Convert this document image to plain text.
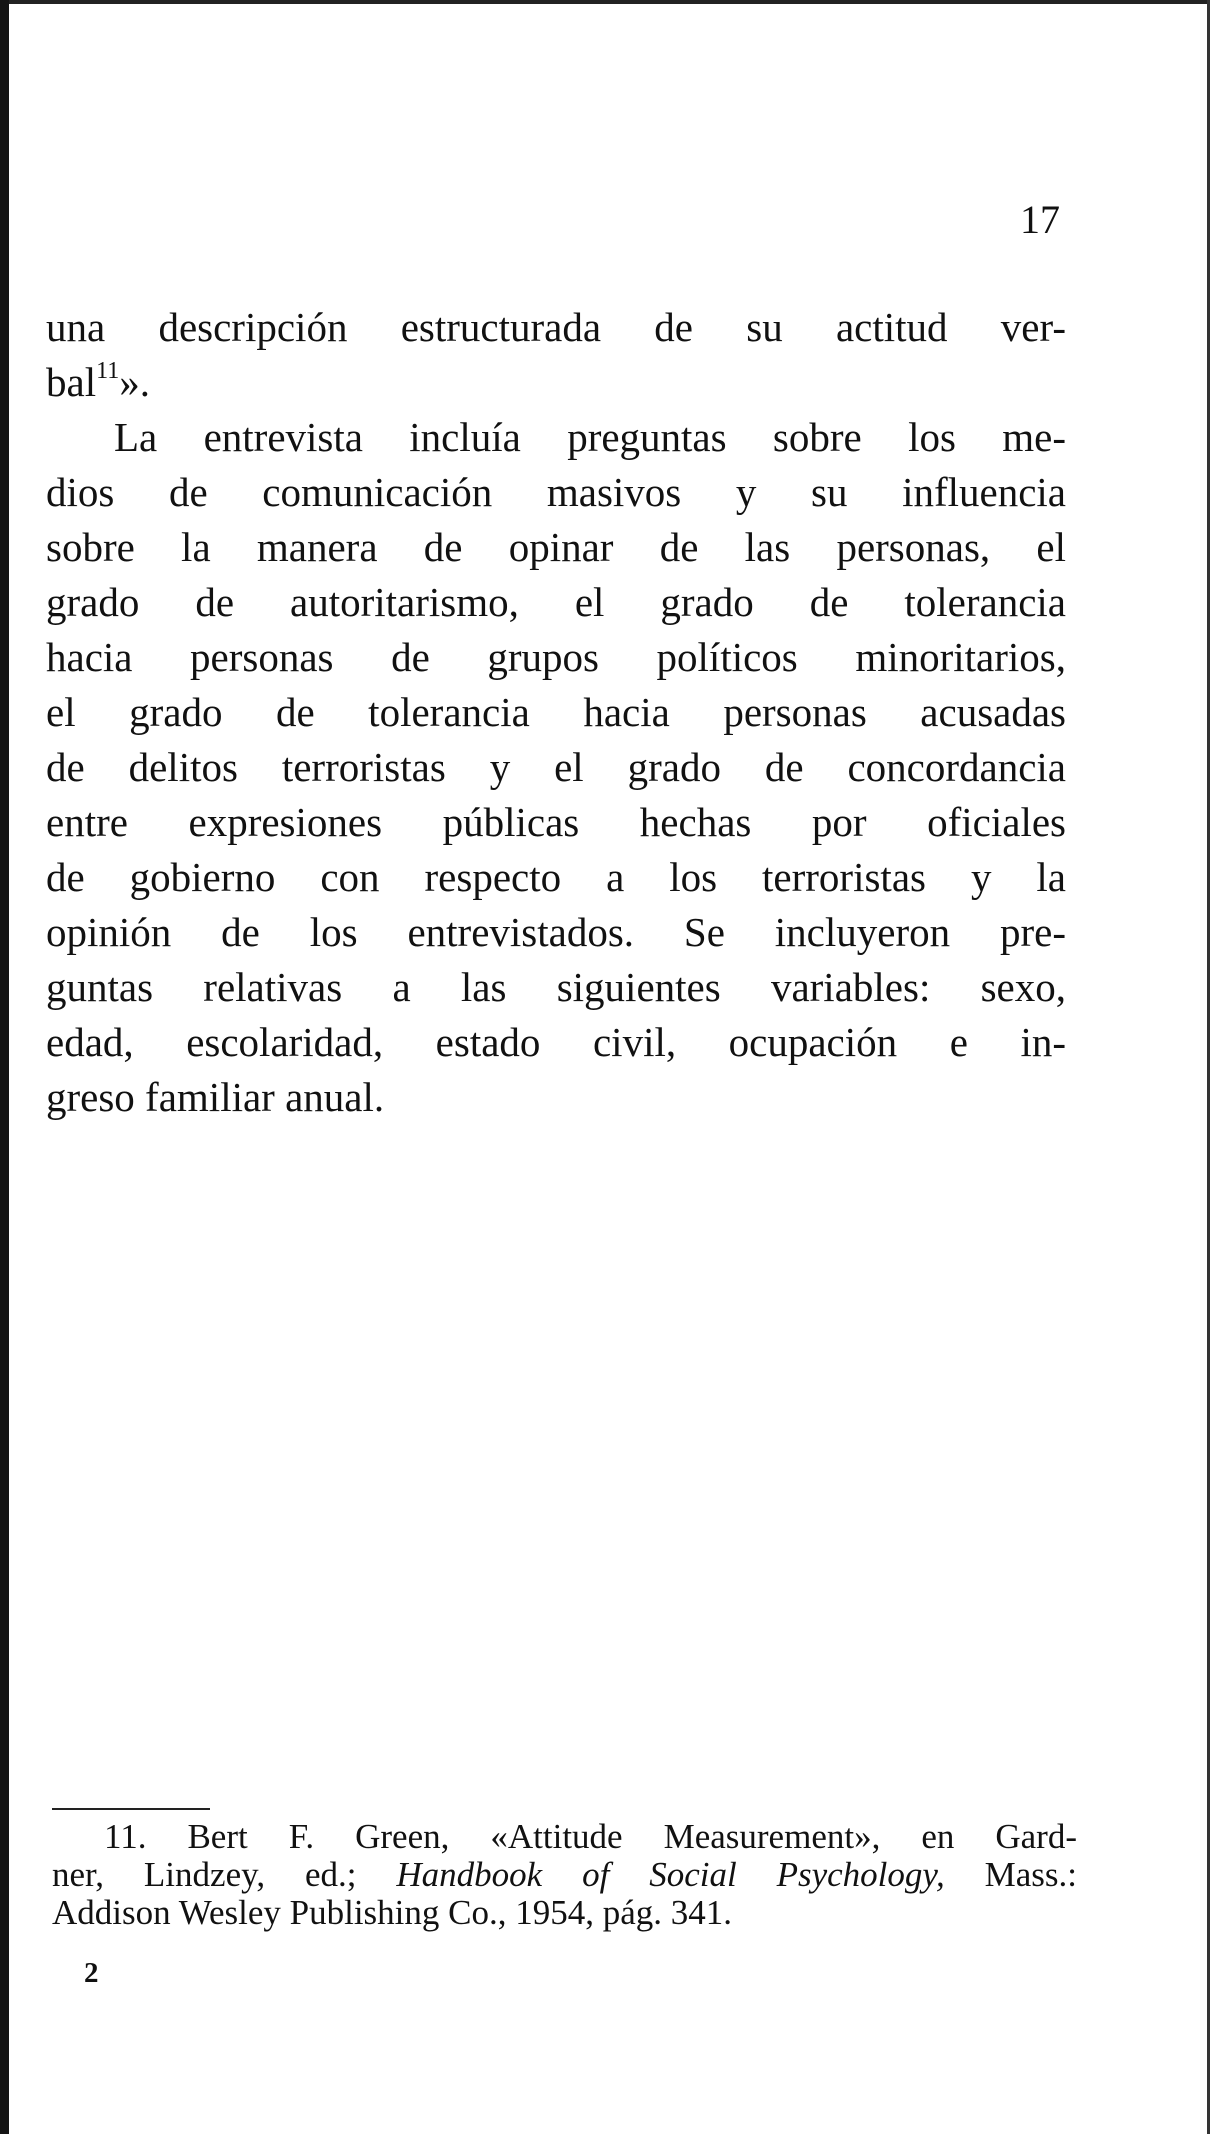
17
una descripción estructurada de su actitud ver-
bal$^{11}$».
La entrevista incluía preguntas sobre los me-
dios de comunicación masivos y su influencia
sobre la manera de opinar de las personas, el
grado de autoritarismo, el grado de tolerancia
hacia personas de grupos políticos minoritarios,
el grado de tolerancia hacia personas acusadas
de delitos terroristas y el grado de concordancia
entre expresiones públicas hechas por oficiales
de gobierno con respecto a los terroristas y la
opinión de los entrevistados. Se incluyeron pre-
guntas relativas a las siguientes variables: sexo,
edad, escolaridad, estado civil, ocupación e in-
greso familiar anual.
11. Bert F. Green, «Attitude Measurement», en Gard-
ner, Lindzey, ed.; Handbook of Social Psychology, Mass.:
Addison Wesley Publishing Co., 1954, pág. 341.
2
